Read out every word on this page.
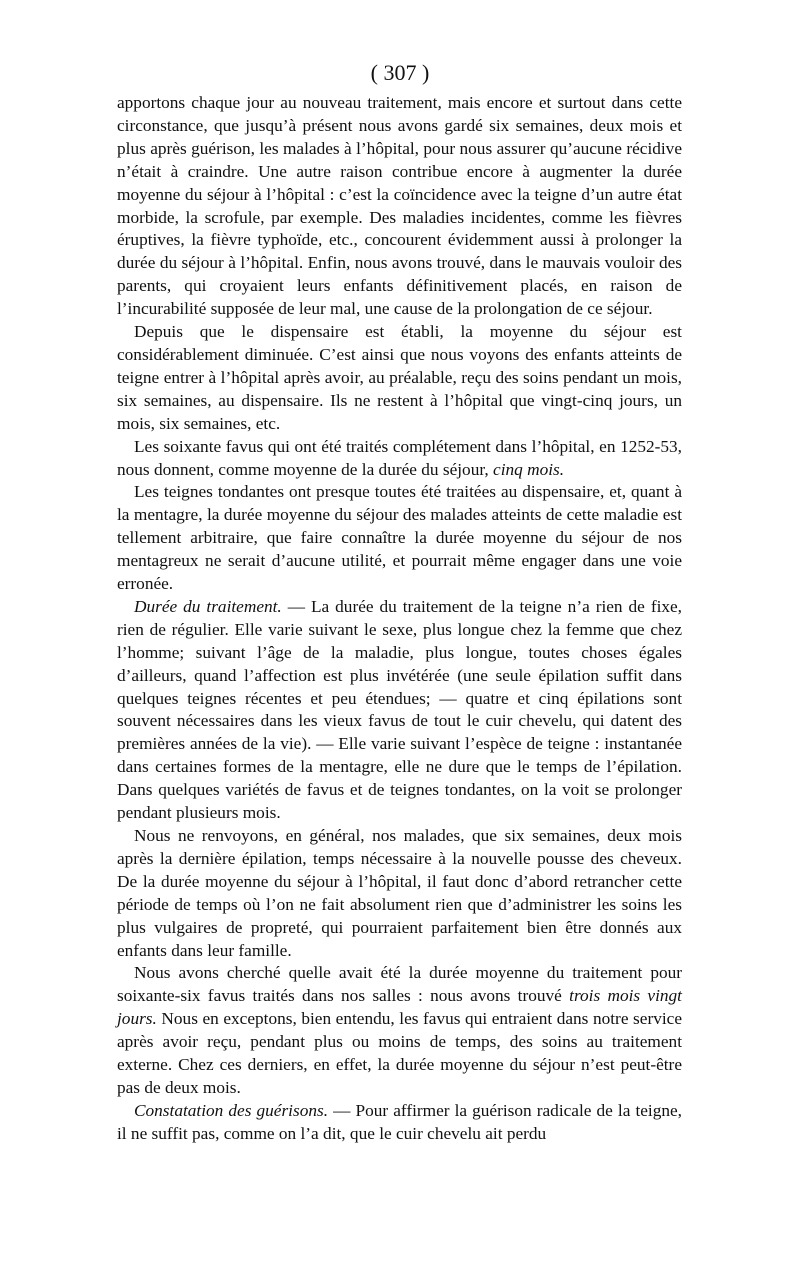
( 307 )

apportons chaque jour au nouveau traitement, mais encore et surtout dans cette circonstance, que jusqu’à présent nous avons gardé six semaines, deux mois et plus après guérison, les malades à l’hôpital, pour nous assurer qu’aucune récidive n’était à craindre. Une autre raison contribue encore à augmenter la durée moyenne du séjour à l’hôpital : c’est la coïncidence avec la teigne d’un autre état morbide, la scrofule, par exemple. Des maladies incidentes, comme les fièvres éruptives, la fièvre typhoïde, etc., concourent évidemment aussi à prolonger la durée du séjour à l’hôpital. Enfin, nous avons trouvé, dans le mauvais vouloir des parents, qui croyaient leurs enfants définitivement placés, en raison de l’incurabilité supposée de leur mal, une cause de la prolongation de ce séjour.

Depuis que le dispensaire est établi, la moyenne du séjour est considérablement diminuée. C’est ainsi que nous voyons des enfants atteints de teigne entrer à l’hôpital après avoir, au préalable, reçu des soins pendant un mois, six semaines, au dispensaire. Ils ne restent à l’hôpital que vingt-cinq jours, un mois, six semaines, etc.

Les soixante favus qui ont été traités complétement dans l’hôpital, en 1252-53, nous donnent, comme moyenne de la durée du séjour, cinq mois.

Les teignes tondantes ont presque toutes été traitées au dispensaire, et, quant à la mentagre, la durée moyenne du séjour des malades atteints de cette maladie est tellement arbitraire, que faire connaître la durée moyenne du séjour de nos mentagreux ne serait d’aucune utilité, et pourrait même engager dans une voie erronée.

Durée du traitement. — La durée du traitement de la teigne n’a rien de fixe, rien de régulier. Elle varie suivant le sexe, plus longue chez la femme que chez l’homme; suivant l’âge de la maladie, plus longue, toutes choses égales d’ailleurs, quand l’affection est plus invétérée (une seule épilation suffit dans quelques teignes récentes et peu étendues; — quatre et cinq épilations sont souvent nécessaires dans les vieux favus de tout le cuir chevelu, qui datent des premières années de la vie). — Elle varie suivant l’espèce de teigne : instantanée dans certaines formes de la mentagre, elle ne dure que le temps de l’épilation. Dans quelques variétés de favus et de teignes tondantes, on la voit se prolonger pendant plusieurs mois.

Nous ne renvoyons, en général, nos malades, que six semaines, deux mois après la dernière épilation, temps nécessaire à la nouvelle pousse des cheveux. De la durée moyenne du séjour à l’hôpital, il faut donc d’abord retrancher cette période de temps où l’on ne fait absolument rien que d’administrer les soins les plus vulgaires de propreté, qui pourraient parfaitement bien être donnés aux enfants dans leur famille.

Nous avons cherché quelle avait été la durée moyenne du traitement pour soixante-six favus traités dans nos salles : nous avons trouvé trois mois vingt jours. Nous en exceptons, bien entendu, les favus qui entraient dans notre service après avoir reçu, pendant plus ou moins de temps, des soins au traitement externe. Chez ces derniers, en effet, la durée moyenne du séjour n’est peut-être pas de deux mois.

Constatation des guérisons. — Pour affirmer la guérison radicale de la teigne, il ne suffit pas, comme on l’a dit, que le cuir chevelu ait perdu
